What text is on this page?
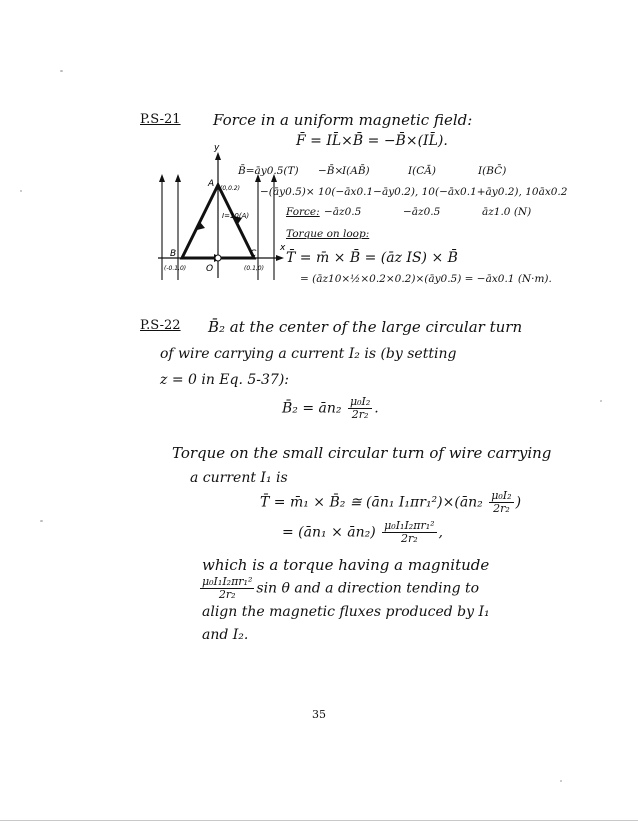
P.S-21 Force in a uniform magnetic field:
F̄ = IL̄×B̄ = −B̄×(IL̄).
y
x
A (0,0.2)
B
(-0.1,0) O
C
(0.1,0)
I=10(A)
B̄=āy0.5(T) −B̄×
I(AB̄)	I(CĀ)	I(BC̄)
−(āy0.5)× 10(−āx0.1−āy0.2), 10(−āx0.1+āy0.2), 10āx0.2
Force: −āz0.5	−āz0.5	āz1.0 (N)
Torque on loop:
T̄ = m̄ × B̄ = (āz IS) × B̄
= (āz10×½×0.2×0.2)×(āy0.5) = −āx0.1 (N·m).
P.S-22 B̄₂ at the center of the large circular turn
of wire carrying a current I₂ is (by setting
z = 0 in Eq. 5-37):
B̄₂ = ān₂ $\frac{\text{μ₀I₂}}{\text{2r₂}}$ .
Torque on the small circular turn of wire carrying
a current I₁ is
T̄ = m̄₁ × B̄₂ ≅ (ān₁ I₁πr₁²)×(ān₂ $\frac{\text{μ₀I₂}}{\text{2r₂}}$ )
= (ān₁ × ān₂) $\frac{\text{μ₀I₁I₂πr₁²}}{\text{2r₂}}$ ,
which is a torque having a magnitude
$\frac{\text{μ₀I₁I₂πr₁²}}{\text{2r₂}}$ sin θ and a direction tending to
align the magnetic fluxes produced by I₁
and I₂.
35
